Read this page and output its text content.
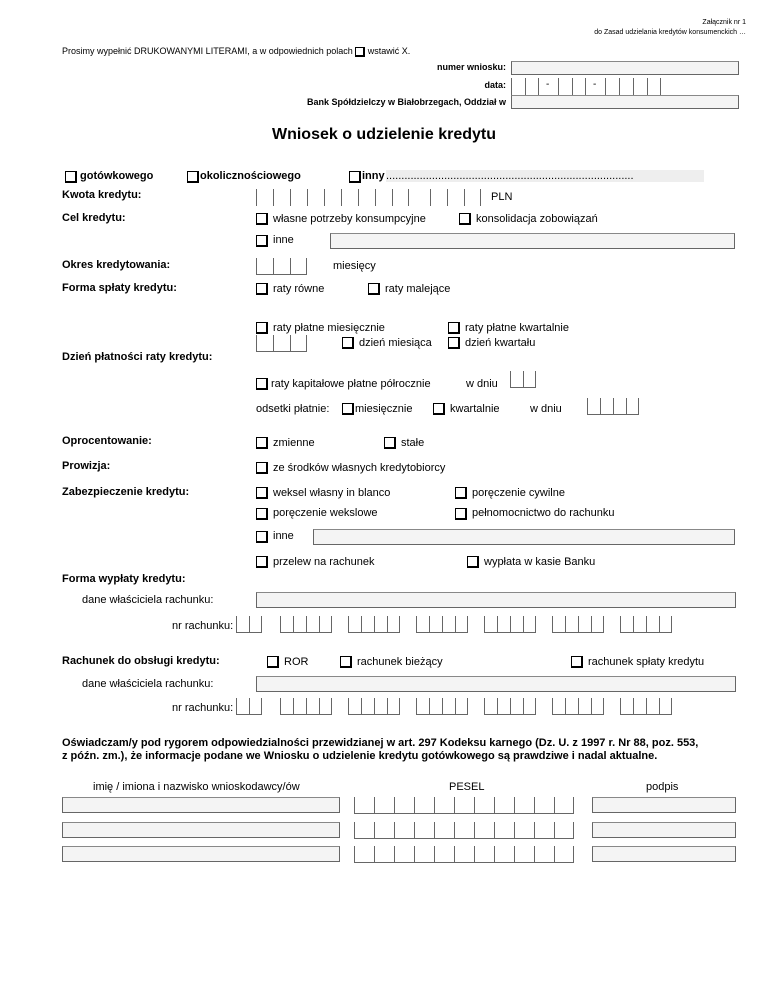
Załącznik nr 1
do Zasad udzielania kredytów konsumenckich …
Prosimy wypełnić DRUKOWANYMI LITERAMI, a w odpowiednich polach wstawić X.
numer wniosku:
data:	-	-
Bank Spółdzielczy w Białobrzegach, Oddział w
Wniosek o udzielenie kredytu
gotówkowego	okolicznościowego	inny .................................................................................
Kwota kredytu:	PLN
Cel kredytu:	własne potrzeby konsumpcyjne	konsolidacja zobowiązań
inne
Okres kredytowania:	miesięcy
Forma spłaty kredytu:	raty równe	raty malejące
raty płatne miesięcznie	raty płatne kwartalnie
dzień miesiąca	dzień kwartału
Dzień płatności raty kredytu:
raty kapitałowe płatne półrocznie	w dniu
odsetki płatnie: miesięcznie	kwartalnie	w dniu
Oprocentowanie:	zmienne	stałe
Prowizja:	ze środków własnych kredytobiorcy
Zabezpieczenie kredytu:	weksel własny in blanco	poręczenie cywilne
poręczenie wekslowe	pełnomocnictwo do rachunku
inne
przelew na rachunek	wypłata w kasie Banku
Forma wypłaty kredytu:
dane właściciela rachunku:
nr rachunku:
Rachunek do obsługi kredytu:	ROR	rachunek bieżący	rachunek spłaty kredytu
dane właściciela rachunku:
nr rachunku:
Oświadczam/y pod rygorem odpowiedzialności przewidzianej w art. 297 Kodeksu karnego (Dz. U. z 1997 r. Nr 88, poz. 553,
z późn. zm.), że informacje podane we Wniosku o udzielenie kredytu gotówkowego są prawdziwe i nadal aktualne.
imię / imiona i nazwisko wnioskodawcy/ów	PESEL	podpis
